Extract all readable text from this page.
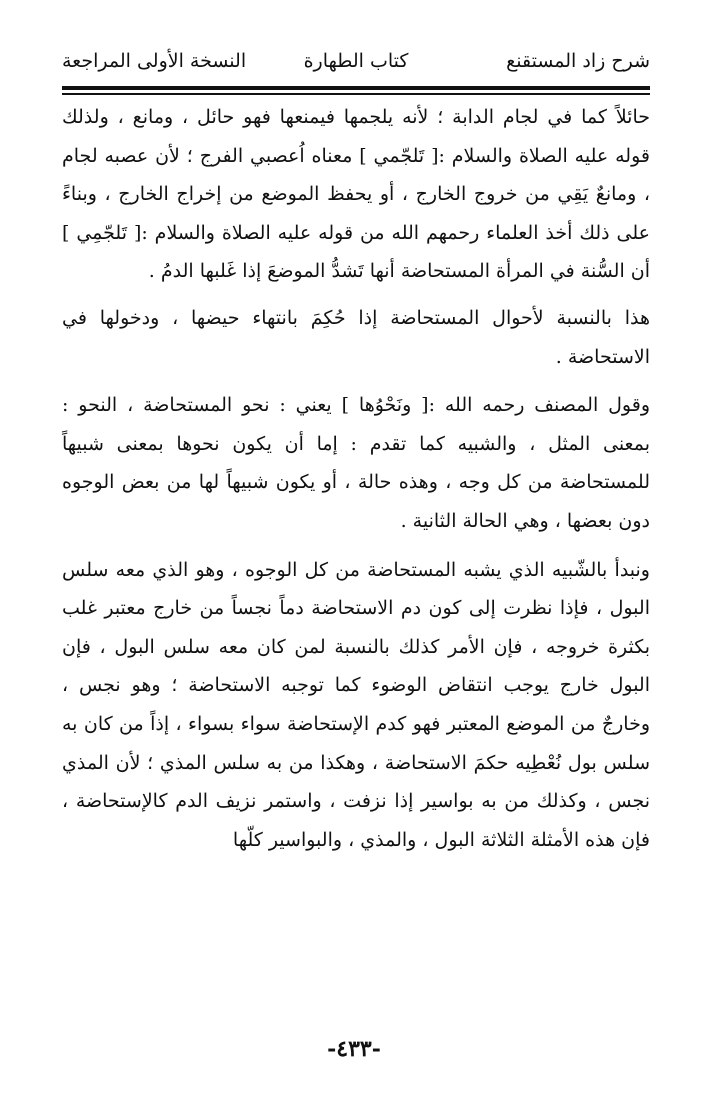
شرح زاد المستقنع
كتاب الطهارة
النسخة الأولى المراجعة

حائلاً كما في لجام الدابة ؛ لأنه يلجمها فيمنعها فهو حائل ، ومانع ، ولذلك قوله عليه الصلاة والسلام :[ تَلجّمي ] معناه اُعصبي الفرج ؛ لأن عصبه لجام ، ومانعٌ يَقِي من خروج الخارج ، أو يحفظ الموضع من إخراج الخارج ، وبناءً على ذلك أخذ العلماء رحمهم الله من قوله عليه الصلاة والسلام :[ تَلجّمِي ] أن السُّنة في المرأة المستحاضة أنها تَشدُّ الموضعَ إذا غَلبها الدمُ .

هذا بالنسبة لأحوال المستحاضة إذا حُكِمَ بانتهاء حيضها ، ودخولها في الاستحاضة .

وقول المصنف رحمه الله :[ ونَحْوُها ] يعني : نحو المستحاضة ، النحو : بمعنى المثل ، والشبيه كما تقدم : إما أن يكون نحوها بمعنى شبيهاً للمستحاضة من كل وجه ، وهذه حالة ، أو يكون شبيهاً لها من بعض الوجوه دون بعضها ، وهي الحالة الثانية .

ونبدأ بالشّبيه الذي يشبه المستحاضة من كل الوجوه ، وهو الذي معه سلس البول ، فإذا نظرت إلى كون دم الاستحاضة دماً نجساً من خارج معتبر غلب بكثرة خروجه ، فإن الأمر كذلك بالنسبة لمن كان معه سلس البول ، فإن البول خارج يوجب انتقاض الوضوء كما توجبه الاستحاضة ؛ وهو نجس ، وخارجٌ من الموضع المعتبر فهو كدم الإستحاضة سواء بسواء ، إذاً من كان به سلس بول نُعْطِيه حكمَ الاستحاضة ، وهكذا من به سلس المذي ؛ لأن المذي نجس ، وكذلك من به بواسير إذا نزفت ، واستمر نزيف الدم كالإستحاضة ، فإن هذه الأمثلة الثلاثة البول ، والمذي ، والبواسير كلّها

-٤٣٣-
